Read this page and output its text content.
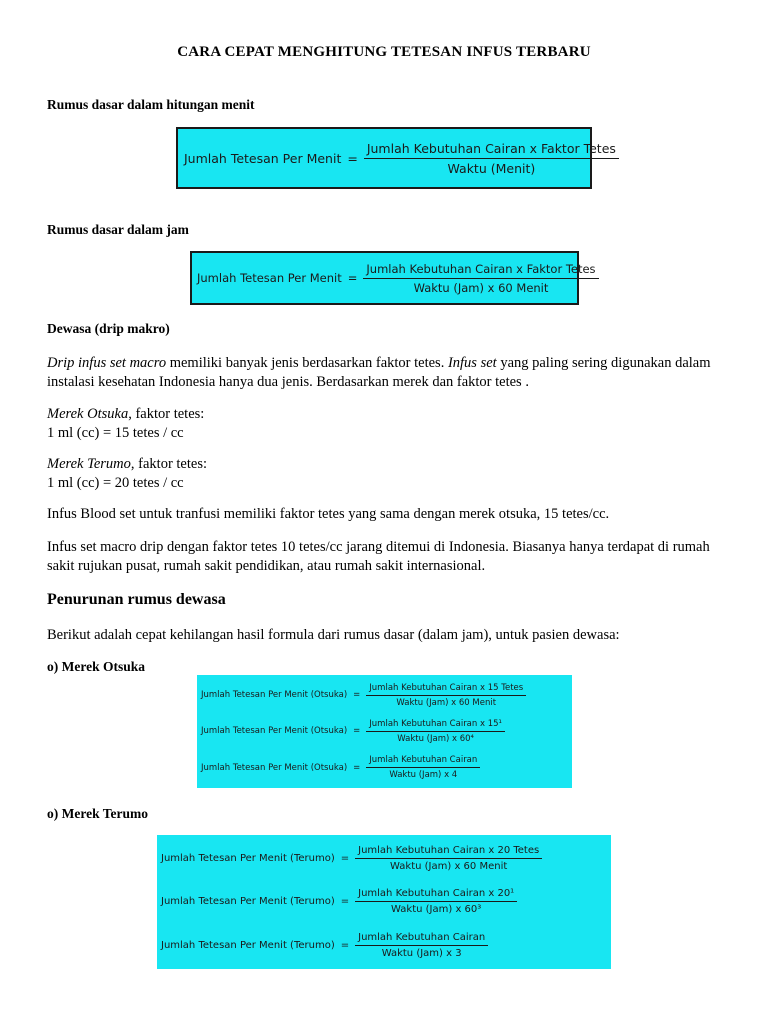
CARA CEPAT MENGHITUNG TETESAN INFUS TERBARU
Rumus dasar dalam hitungan menit
Jumlah Tetesan Per Menit = $\frac{\text{Jumlah Kebutuhan Cairan x Faktor Tetes}}{\text{Waktu (Menit)}}$
Rumus dasar dalam jam
Jumlah Tetesan Per Menit = $\frac{\text{Jumlah Kebutuhan Cairan x Faktor Tetes}}{\text{Waktu (Jam) x 60 Menit}}$
Dewasa (drip makro)
Drip infus set macro memiliki banyak jenis berdasarkan faktor tetes. Infus set yang paling sering digunakan dalam instalasi kesehatan Indonesia hanya dua jenis. Berdasarkan merek dan faktor tetes .
Merek Otsuka, faktor tetes:
1 ml (cc) = 15 tetes / cc
Merek Terumo, faktor tetes:
1 ml (cc) = 20 tetes / cc
Infus Blood set untuk tranfusi memiliki faktor tetes yang sama dengan merek otsuka, 15 tetes/cc.
Infus set macro drip dengan faktor tetes 10 tetes/cc jarang ditemui di Indonesia. Biasanya hanya terdapat di rumah sakit rujukan pusat, rumah sakit pendidikan, atau rumah sakit internasional.
Penurunan rumus dewasa
Berikut adalah cepat kehilangan hasil formula dari rumus dasar (dalam jam), untuk pasien dewasa:
o) Merek Otsuka
Jumlah Tetesan Per Menit (Otsuka) = $\frac{\text{Jumlah Kebutuhan Cairan x 15 Tetes}}{\text{Waktu (Jam) x 60 Menit}}$
Jumlah Tetesan Per Menit (Otsuka) = $\frac{\text{Jumlah Kebutuhan Cairan x 15¹}}{\text{Waktu (Jam) x 60⁴}}$
Jumlah Tetesan Per Menit (Otsuka) = $\frac{\text{Jumlah Kebutuhan Cairan}}{\text{Waktu (Jam) x 4}}$
o) Merek Terumo
Jumlah Tetesan Per Menit (Terumo) = $\frac{\text{Jumlah Kebutuhan Cairan x 20 Tetes}}{\text{Waktu (Jam) x 60 Menit}}$
Jumlah Tetesan Per Menit (Terumo) = $\frac{\text{Jumlah Kebutuhan Cairan x 20¹}}{\text{Waktu (Jam) x 60³}}$
Jumlah Tetesan Per Menit (Terumo) = $\frac{\text{Jumlah Kebutuhan Cairan}}{\text{Waktu (Jam) x 3}}$
